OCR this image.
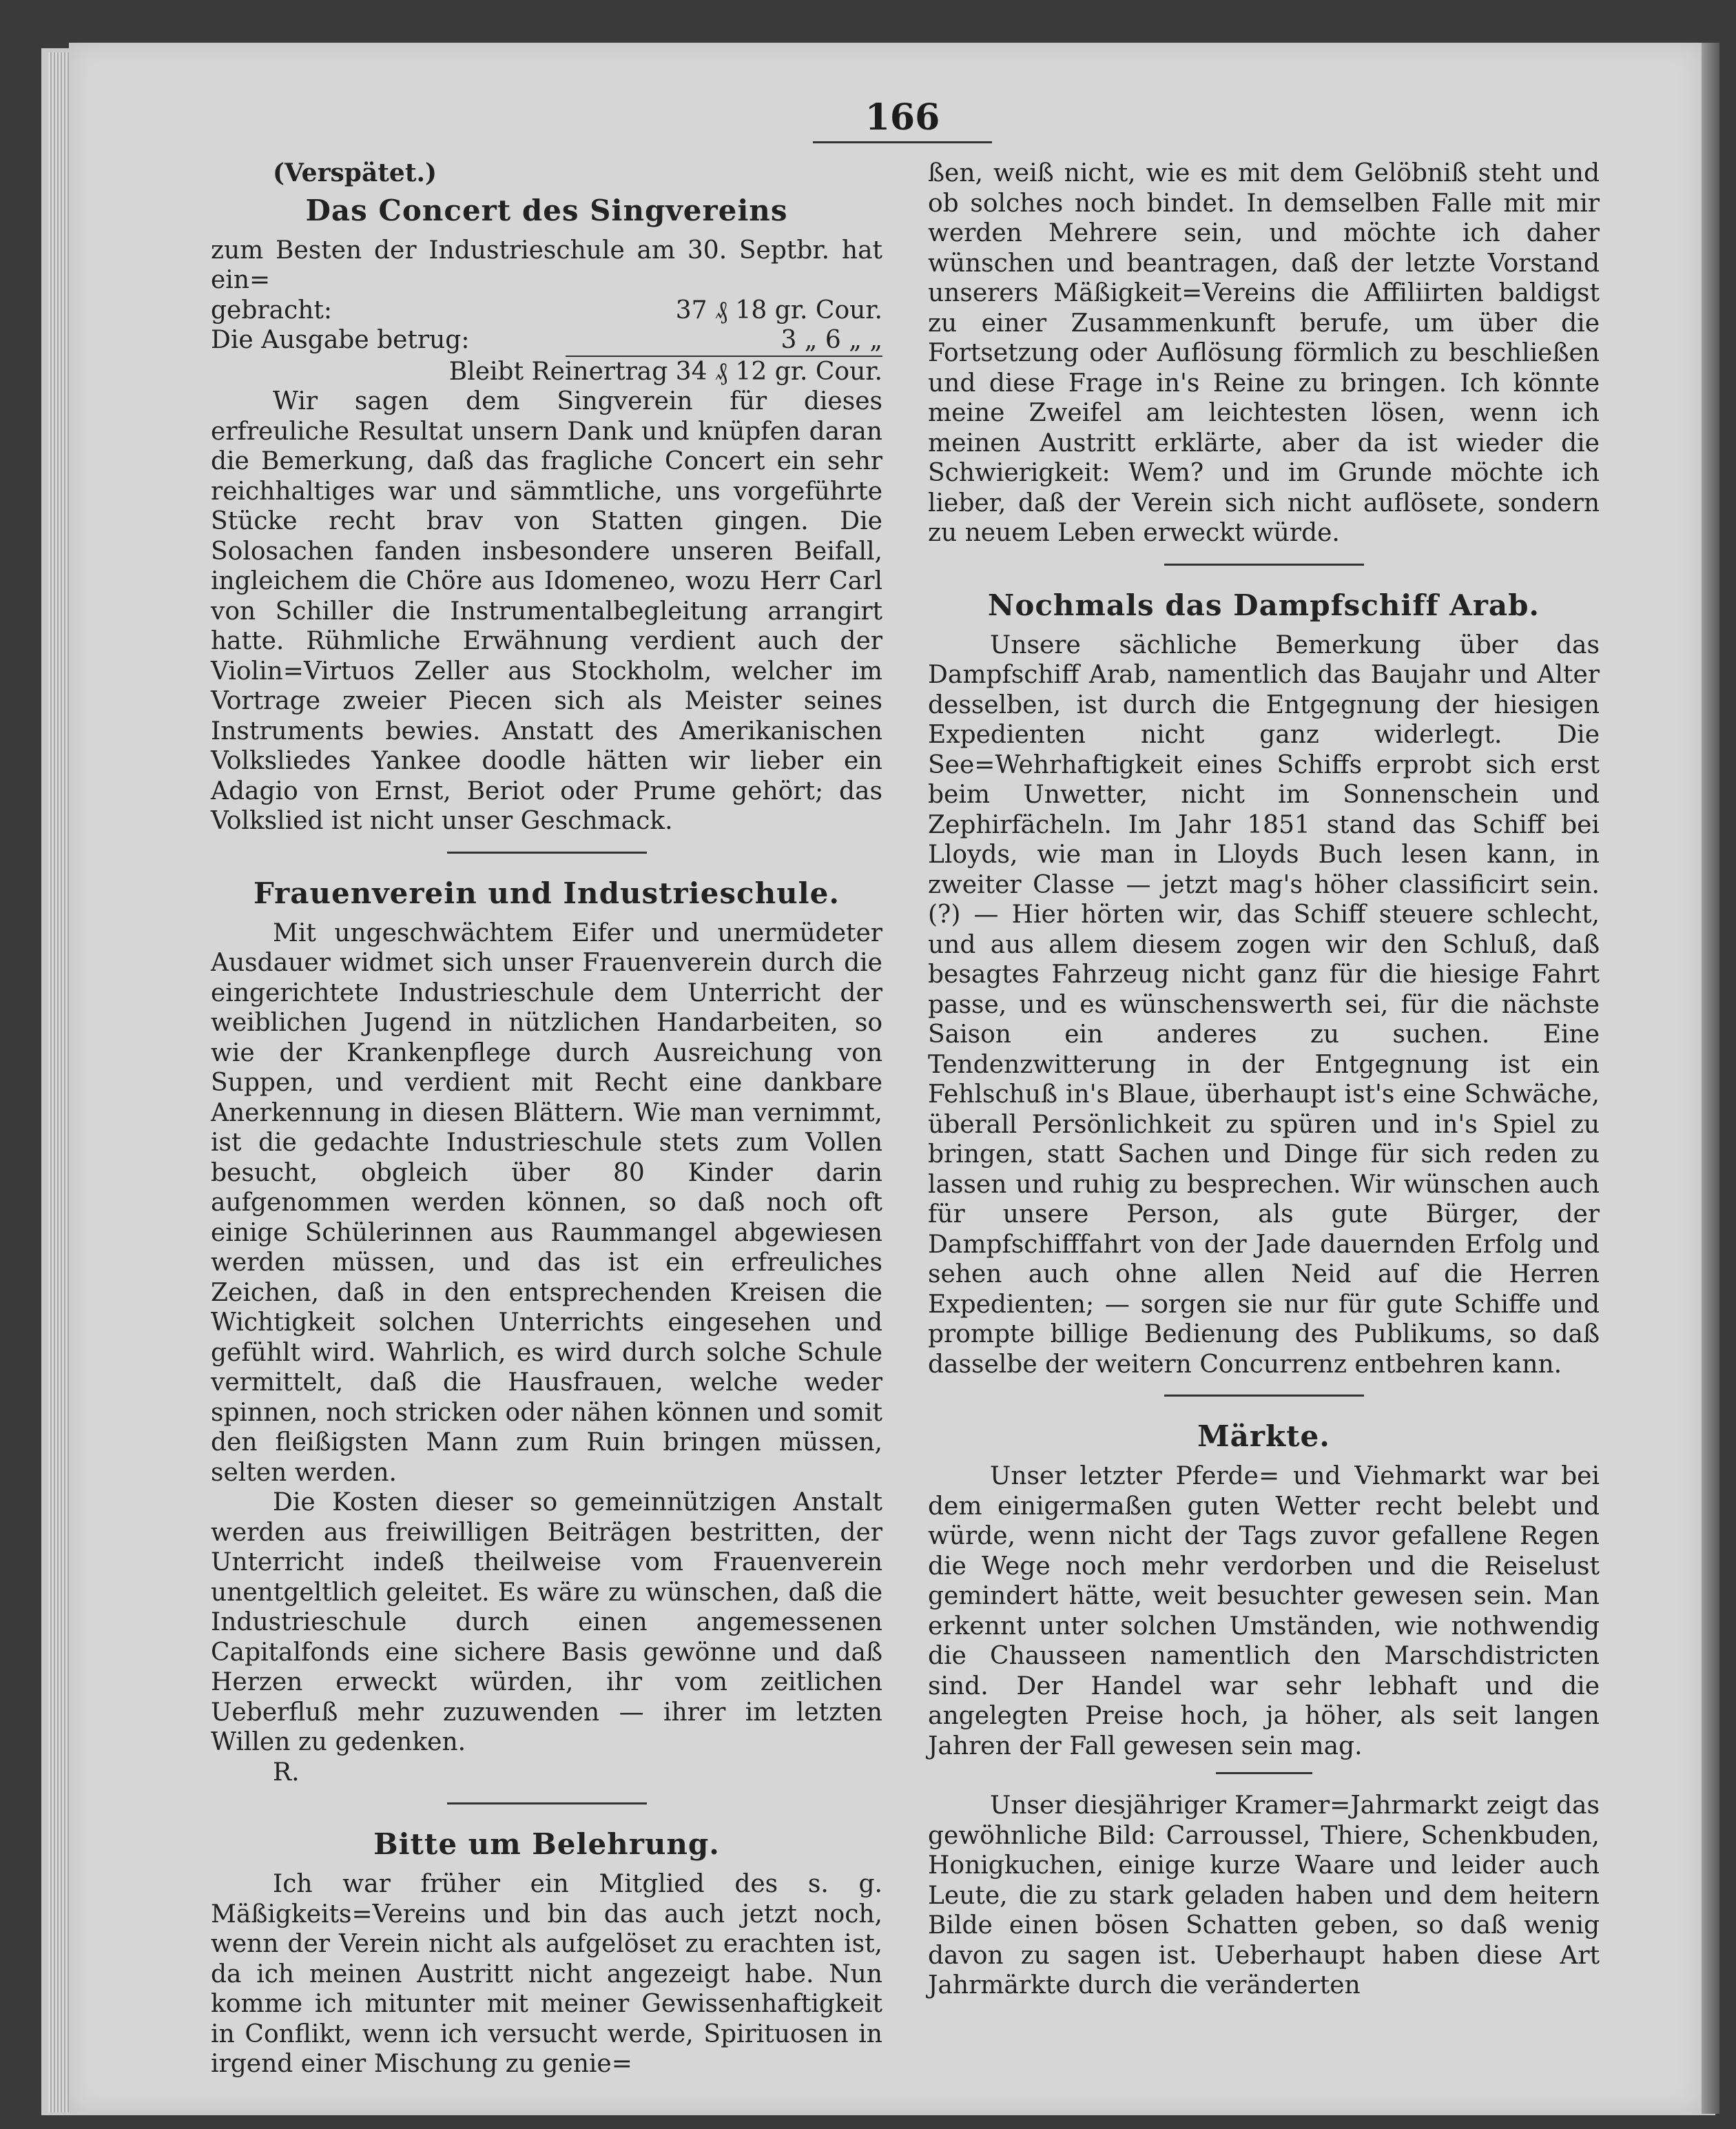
166

(Verspätet.)

Das Concert des Singvereins

zum Besten der Industrieschule am 30. Septbr. hat ein=

gebracht:	37 ₰ 18 gr. Cour.
Die Ausgabe betrug:	3 „ 6 „ „
Bleibt Reinertrag 34 ₰ 12 gr. Cour.

Wir sagen dem Singverein für dieses erfreuliche Resultat unsern Dank und knüpfen daran die Bemerkung, daß das fragliche Concert ein sehr reichhaltiges war und sämmtliche, uns vorgeführte Stücke recht brav von Statten gingen. Die Solosachen fanden insbesondere unseren Beifall, ingleichem die Chöre aus Idomeneo, wozu Herr Carl von Schiller die Instrumentalbegleitung arrangirt hatte. Rühmliche Erwähnung verdient auch der Violin=Virtuos Zeller aus Stockholm, welcher im Vortrage zweier Piecen sich als Meister seines Instruments bewies. Anstatt des Amerikanischen Volksliedes Yankee doodle hätten wir lieber ein Adagio von Ernst, Beriot oder Prume gehört; das Volkslied ist nicht unser Geschmack.

Frauenverein und Industrieschule.

Mit ungeschwächtem Eifer und unermüdeter Ausdauer widmet sich unser Frauenverein durch die eingerichtete Industrieschule dem Unterricht der weiblichen Jugend in nützlichen Handarbeiten, so wie der Krankenpflege durch Ausreichung von Suppen, und verdient mit Recht eine dankbare Anerkennung in diesen Blättern. Wie man vernimmt, ist die gedachte Industrieschule stets zum Vollen besucht, obgleich über 80 Kinder darin aufgenommen werden können, so daß noch oft einige Schülerinnen aus Raummangel abgewiesen werden müssen, und das ist ein erfreuliches Zeichen, daß in den entsprechenden Kreisen die Wichtigkeit solchen Unterrichts eingesehen und gefühlt wird. Wahrlich, es wird durch solche Schule vermittelt, daß die Hausfrauen, welche weder spinnen, noch stricken oder nähen können und somit den fleißigsten Mann zum Ruin bringen müssen, selten werden.

Die Kosten dieser so gemeinnützigen Anstalt werden aus freiwilligen Beiträgen bestritten, der Unterricht indeß theilweise vom Frauenverein unentgeltlich geleitet. Es wäre zu wünschen, daß die Industrieschule durch einen angemessenen Capitalfonds eine sichere Basis gewönne und daß Herzen erweckt würden, ihr vom zeitlichen Ueberfluß mehr zuzuwenden — ihrer im letzten Willen zu gedenken.

R.

Bitte um Belehrung.

Ich war früher ein Mitglied des s. g. Mäßigkeits=Vereins und bin das auch jetzt noch, wenn der Verein nicht als aufgelöset zu erachten ist, da ich meinen Austritt nicht angezeigt habe. Nun komme ich mitunter mit meiner Gewissenhaftigkeit in Conflikt, wenn ich versucht werde, Spirituosen in irgend einer Mischung zu genie=

ßen, weiß nicht, wie es mit dem Gelöbniß steht und ob solches noch bindet. In demselben Falle mit mir werden Mehrere sein, und möchte ich daher wünschen und beantragen, daß der letzte Vorstand unserers Mäßigkeit=Vereins die Affiliirten baldigst zu einer Zusammenkunft berufe, um über die Fortsetzung oder Auflösung förmlich zu beschließen und diese Frage in's Reine zu bringen. Ich könnte meine Zweifel am leichtesten lösen, wenn ich meinen Austritt erklärte, aber da ist wieder die Schwierigkeit: Wem? und im Grunde möchte ich lieber, daß der Verein sich nicht auflösete, sondern zu neuem Leben erweckt würde.

Nochmals das Dampfschiff Arab.

Unsere sächliche Bemerkung über das Dampfschiff Arab, namentlich das Baujahr und Alter desselben, ist durch die Entgegnung der hiesigen Expedienten nicht ganz widerlegt. Die See=Wehrhaftigkeit eines Schiffs erprobt sich erst beim Unwetter, nicht im Sonnenschein und Zephirfächeln. Im Jahr 1851 stand das Schiff bei Lloyds, wie man in Lloyds Buch lesen kann, in zweiter Classe — jetzt mag's höher classificirt sein. (?) — Hier hörten wir, das Schiff steuere schlecht, und aus allem diesem zogen wir den Schluß, daß besagtes Fahrzeug nicht ganz für die hiesige Fahrt passe, und es wünschenswerth sei, für die nächste Saison ein anderes zu suchen. Eine Tendenzwitterung in der Entgegnung ist ein Fehlschuß in's Blaue, überhaupt ist's eine Schwäche, überall Persönlichkeit zu spüren und in's Spiel zu bringen, statt Sachen und Dinge für sich reden zu lassen und ruhig zu besprechen. Wir wünschen auch für unsere Person, als gute Bürger, der Dampfschifffahrt von der Jade dauernden Erfolg und sehen auch ohne allen Neid auf die Herren Expedienten; — sorgen sie nur für gute Schiffe und prompte billige Bedienung des Publikums, so daß dasselbe der weitern Concurrenz entbehren kann.

Märkte.

Unser letzter Pferde= und Viehmarkt war bei dem einigermaßen guten Wetter recht belebt und würde, wenn nicht der Tags zuvor gefallene Regen die Wege noch mehr verdorben und die Reiselust gemindert hätte, weit besuchter gewesen sein. Man erkennt unter solchen Umständen, wie nothwendig die Chausseen namentlich den Marschdistricten sind. Der Handel war sehr lebhaft und die angelegten Preise hoch, ja höher, als seit langen Jahren der Fall gewesen sein mag.

Unser diesjähriger Kramer=Jahrmarkt zeigt das gewöhnliche Bild: Carroussel, Thiere, Schenkbuden, Honigkuchen, einige kurze Waare und leider auch Leute, die zu stark geladen haben und dem heitern Bilde einen bösen Schatten geben, so daß wenig davon zu sagen ist. Ueberhaupt haben diese Art Jahrmärkte durch die veränderten
